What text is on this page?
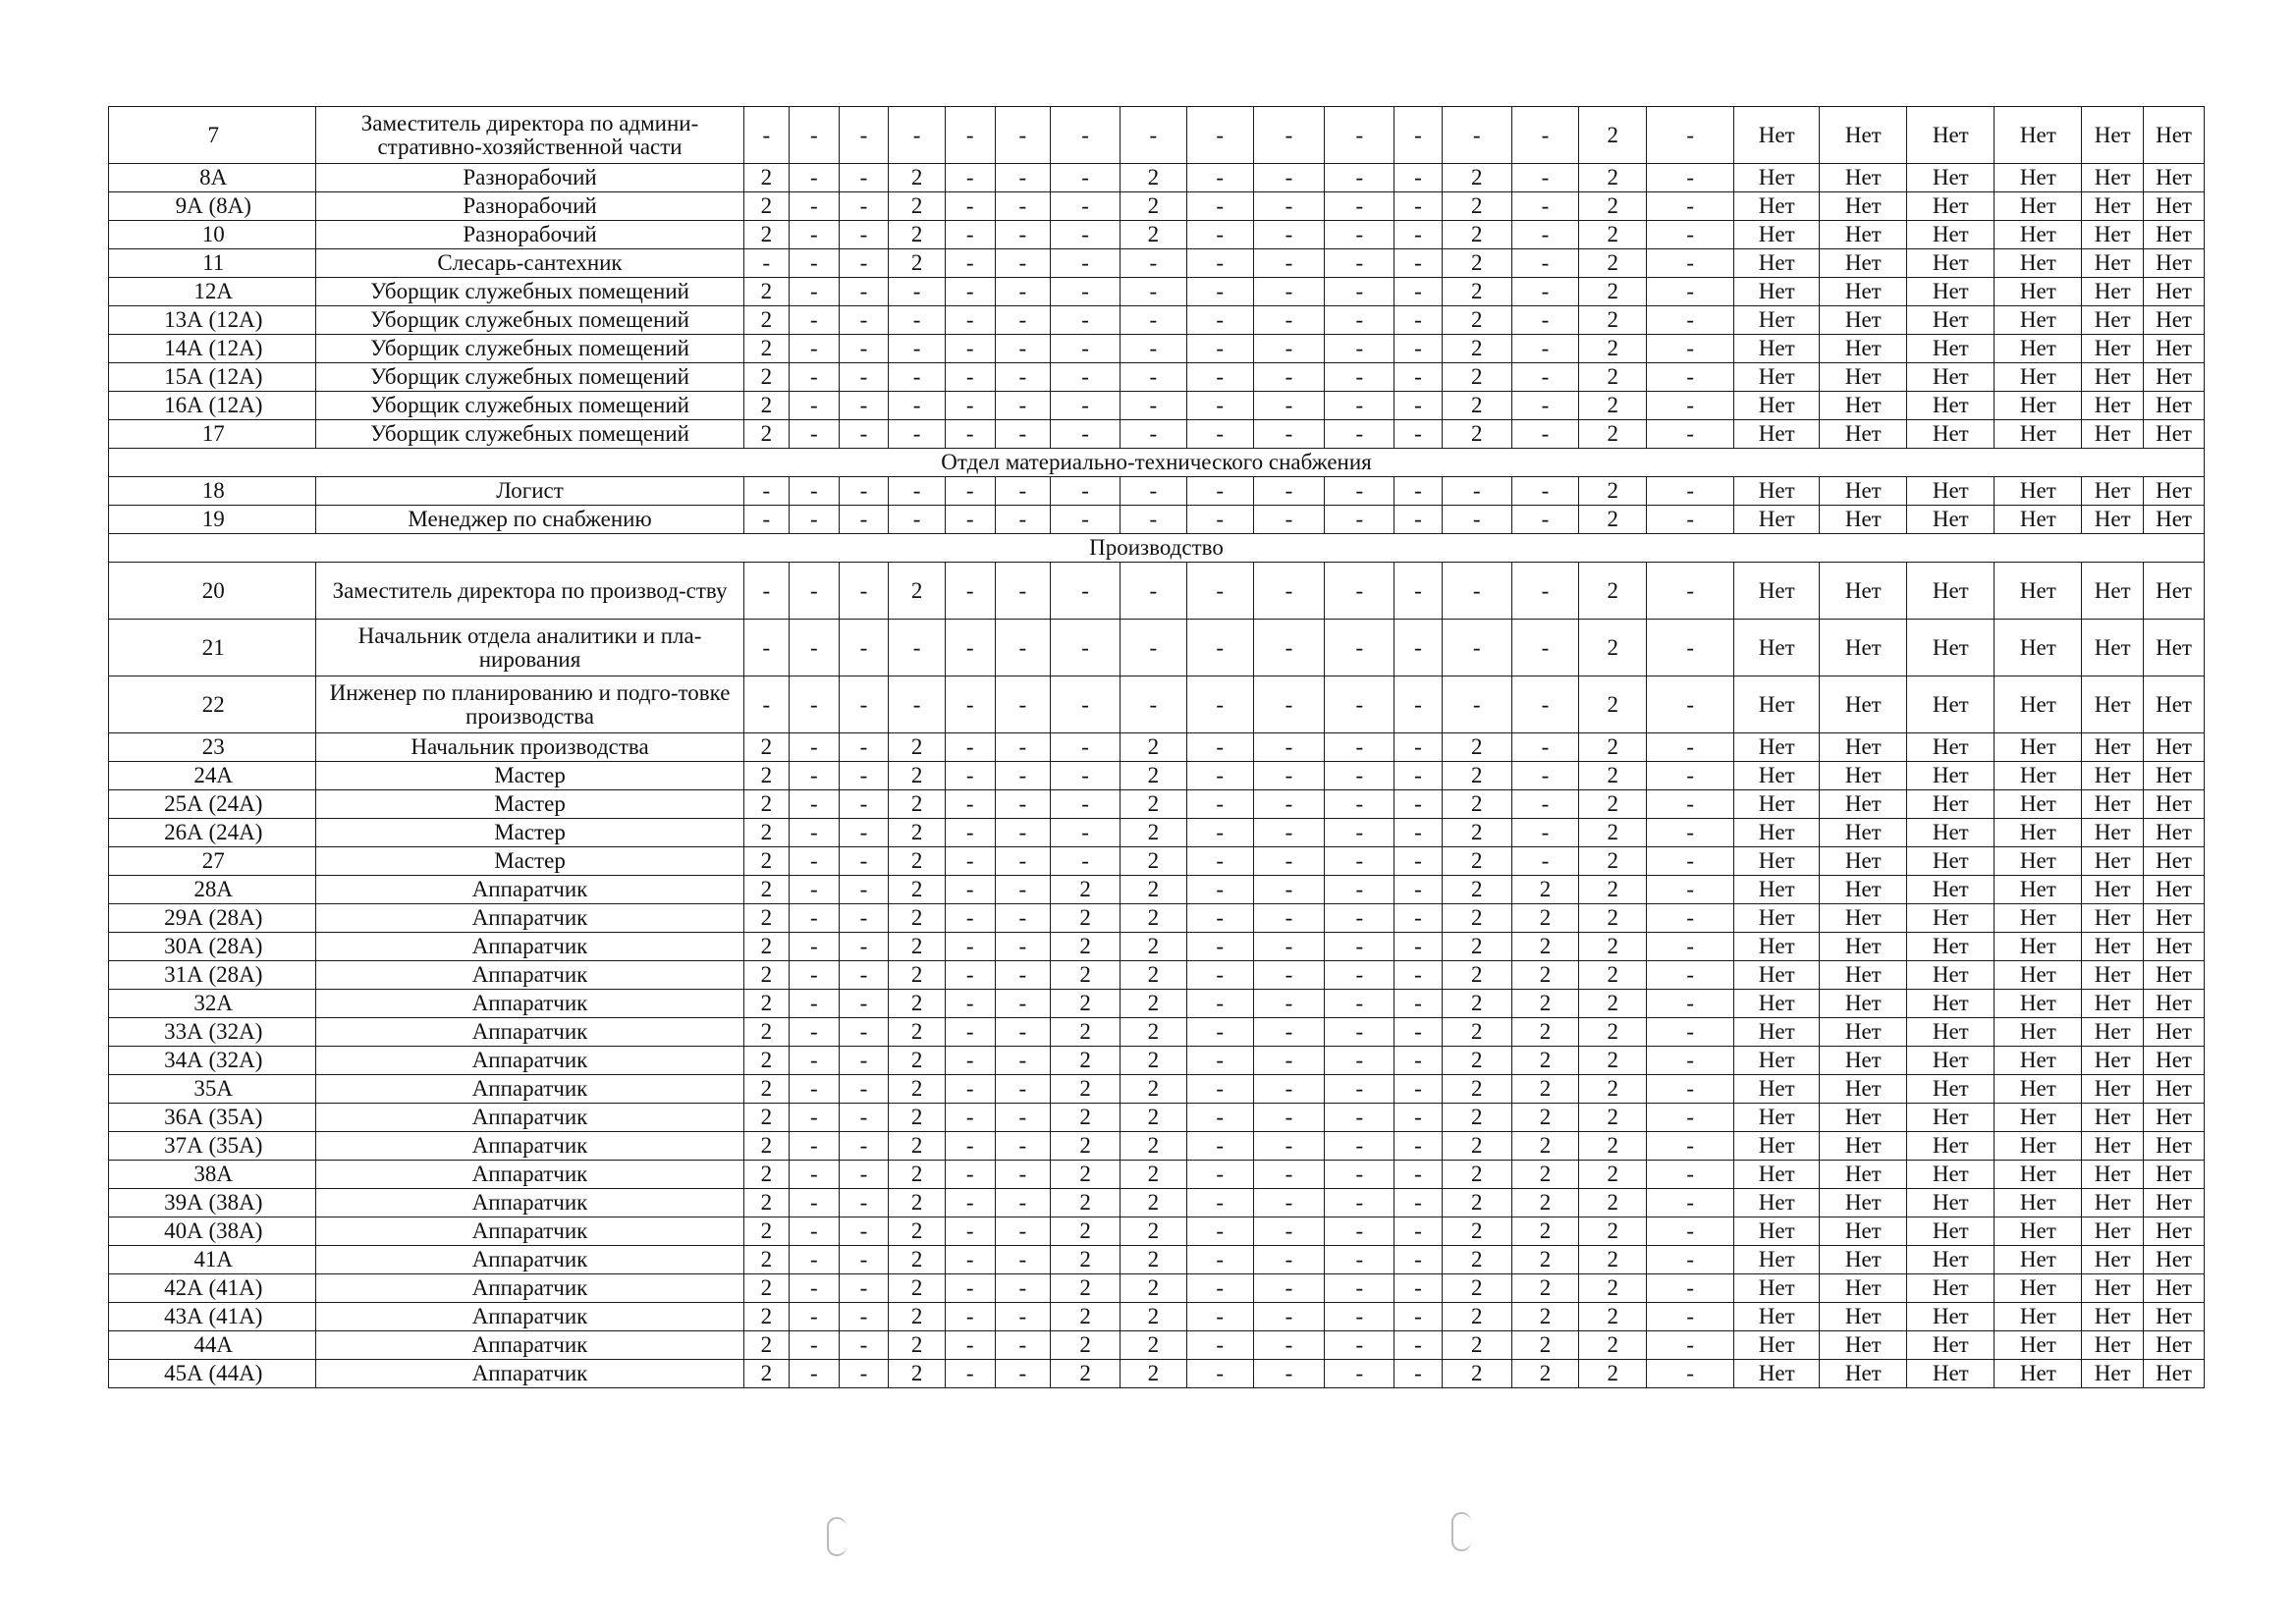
7	Заместитель директора по админи-стративно-хозяйственной части	-	-	-	-	-	-	-	-	-	-	-	-	-	-	2	-	Нет	Нет	Нет	Нет	Нет	Нет
8А	Разнорабочий	2	-	-	2	-	-	-	2	-	-	-	-	2	-	2	-	Нет	Нет	Нет	Нет	Нет	Нет
9А (8А)	Разнорабочий	2	-	-	2	-	-	-	2	-	-	-	-	2	-	2	-	Нет	Нет	Нет	Нет	Нет	Нет
10	Разнорабочий	2	-	-	2	-	-	-	2	-	-	-	-	2	-	2	-	Нет	Нет	Нет	Нет	Нет	Нет
11	Слесарь-сантехник	-	-	-	2	-	-	-	-	-	-	-	-	2	-	2	-	Нет	Нет	Нет	Нет	Нет	Нет
12А	Уборщик служебных помещений	2	-	-	-	-	-	-	-	-	-	-	-	2	-	2	-	Нет	Нет	Нет	Нет	Нет	Нет
13А (12А)	Уборщик служебных помещений	2	-	-	-	-	-	-	-	-	-	-	-	2	-	2	-	Нет	Нет	Нет	Нет	Нет	Нет
14А (12А)	Уборщик служебных помещений	2	-	-	-	-	-	-	-	-	-	-	-	2	-	2	-	Нет	Нет	Нет	Нет	Нет	Нет
15А (12А)	Уборщик служебных помещений	2	-	-	-	-	-	-	-	-	-	-	-	2	-	2	-	Нет	Нет	Нет	Нет	Нет	Нет
16А (12А)	Уборщик служебных помещений	2	-	-	-	-	-	-	-	-	-	-	-	2	-	2	-	Нет	Нет	Нет	Нет	Нет	Нет
17	Уборщик служебных помещений	2	-	-	-	-	-	-	-	-	-	-	-	2	-	2	-	Нет	Нет	Нет	Нет	Нет	Нет
Отдел материально-технического снабжения																							
18	Логист	-	-	-	-	-	-	-	-	-	-	-	-	-	-	2	-	Нет	Нет	Нет	Нет	Нет	Нет
19	Менеджер по снабжению	-	-	-	-	-	-	-	-	-	-	-	-	-	-	2	-	Нет	Нет	Нет	Нет	Нет	Нет
Производство																							
20	Заместитель директора по производ-ству	-	-	-	2	-	-	-	-	-	-	-	-	-	-	2	-	Нет	Нет	Нет	Нет	Нет	Нет
21	Начальник отдела аналитики и пла-нирования	-	-	-	-	-	-	-	-	-	-	-	-	-	-	2	-	Нет	Нет	Нет	Нет	Нет	Нет
22	Инженер по планированию и подго-товке производства	-	-	-	-	-	-	-	-	-	-	-	-	-	-	2	-	Нет	Нет	Нет	Нет	Нет	Нет
23	Начальник производства	2	-	-	2	-	-	-	2	-	-	-	-	2	-	2	-	Нет	Нет	Нет	Нет	Нет	Нет
24А	Мастер	2	-	-	2	-	-	-	2	-	-	-	-	2	-	2	-	Нет	Нет	Нет	Нет	Нет	Нет
25А (24А)	Мастер	2	-	-	2	-	-	-	2	-	-	-	-	2	-	2	-	Нет	Нет	Нет	Нет	Нет	Нет
26А (24А)	Мастер	2	-	-	2	-	-	-	2	-	-	-	-	2	-	2	-	Нет	Нет	Нет	Нет	Нет	Нет
27	Мастер	2	-	-	2	-	-	-	2	-	-	-	-	2	-	2	-	Нет	Нет	Нет	Нет	Нет	Нет
28А	Аппаратчик	2	-	-	2	-	-	2	2	-	-	-	-	2	2	2	-	Нет	Нет	Нет	Нет	Нет	Нет
29А (28А)	Аппаратчик	2	-	-	2	-	-	2	2	-	-	-	-	2	2	2	-	Нет	Нет	Нет	Нет	Нет	Нет
30А (28А)	Аппаратчик	2	-	-	2	-	-	2	2	-	-	-	-	2	2	2	-	Нет	Нет	Нет	Нет	Нет	Нет
31А (28А)	Аппаратчик	2	-	-	2	-	-	2	2	-	-	-	-	2	2	2	-	Нет	Нет	Нет	Нет	Нет	Нет
32А	Аппаратчик	2	-	-	2	-	-	2	2	-	-	-	-	2	2	2	-	Нет	Нет	Нет	Нет	Нет	Нет
33А (32А)	Аппаратчик	2	-	-	2	-	-	2	2	-	-	-	-	2	2	2	-	Нет	Нет	Нет	Нет	Нет	Нет
34А (32А)	Аппаратчик	2	-	-	2	-	-	2	2	-	-	-	-	2	2	2	-	Нет	Нет	Нет	Нет	Нет	Нет
35А	Аппаратчик	2	-	-	2	-	-	2	2	-	-	-	-	2	2	2	-	Нет	Нет	Нет	Нет	Нет	Нет
36А (35А)	Аппаратчик	2	-	-	2	-	-	2	2	-	-	-	-	2	2	2	-	Нет	Нет	Нет	Нет	Нет	Нет
37А (35А)	Аппаратчик	2	-	-	2	-	-	2	2	-	-	-	-	2	2	2	-	Нет	Нет	Нет	Нет	Нет	Нет
38А	Аппаратчик	2	-	-	2	-	-	2	2	-	-	-	-	2	2	2	-	Нет	Нет	Нет	Нет	Нет	Нет
39А (38А)	Аппаратчик	2	-	-	2	-	-	2	2	-	-	-	-	2	2	2	-	Нет	Нет	Нет	Нет	Нет	Нет
40А (38А)	Аппаратчик	2	-	-	2	-	-	2	2	-	-	-	-	2	2	2	-	Нет	Нет	Нет	Нет	Нет	Нет
41А	Аппаратчик	2	-	-	2	-	-	2	2	-	-	-	-	2	2	2	-	Нет	Нет	Нет	Нет	Нет	Нет
42А (41А)	Аппаратчик	2	-	-	2	-	-	2	2	-	-	-	-	2	2	2	-	Нет	Нет	Нет	Нет	Нет	Нет
43А (41А)	Аппаратчик	2	-	-	2	-	-	2	2	-	-	-	-	2	2	2	-	Нет	Нет	Нет	Нет	Нет	Нет
44А	Аппаратчик	2	-	-	2	-	-	2	2	-	-	-	-	2	2	2	-	Нет	Нет	Нет	Нет	Нет	Нет
45А (44А)	Аппаратчик	2	-	-	2	-	-	2	2	-	-	-	-	2	2	2	-	Нет	Нет	Нет	Нет	Нет	Нет
